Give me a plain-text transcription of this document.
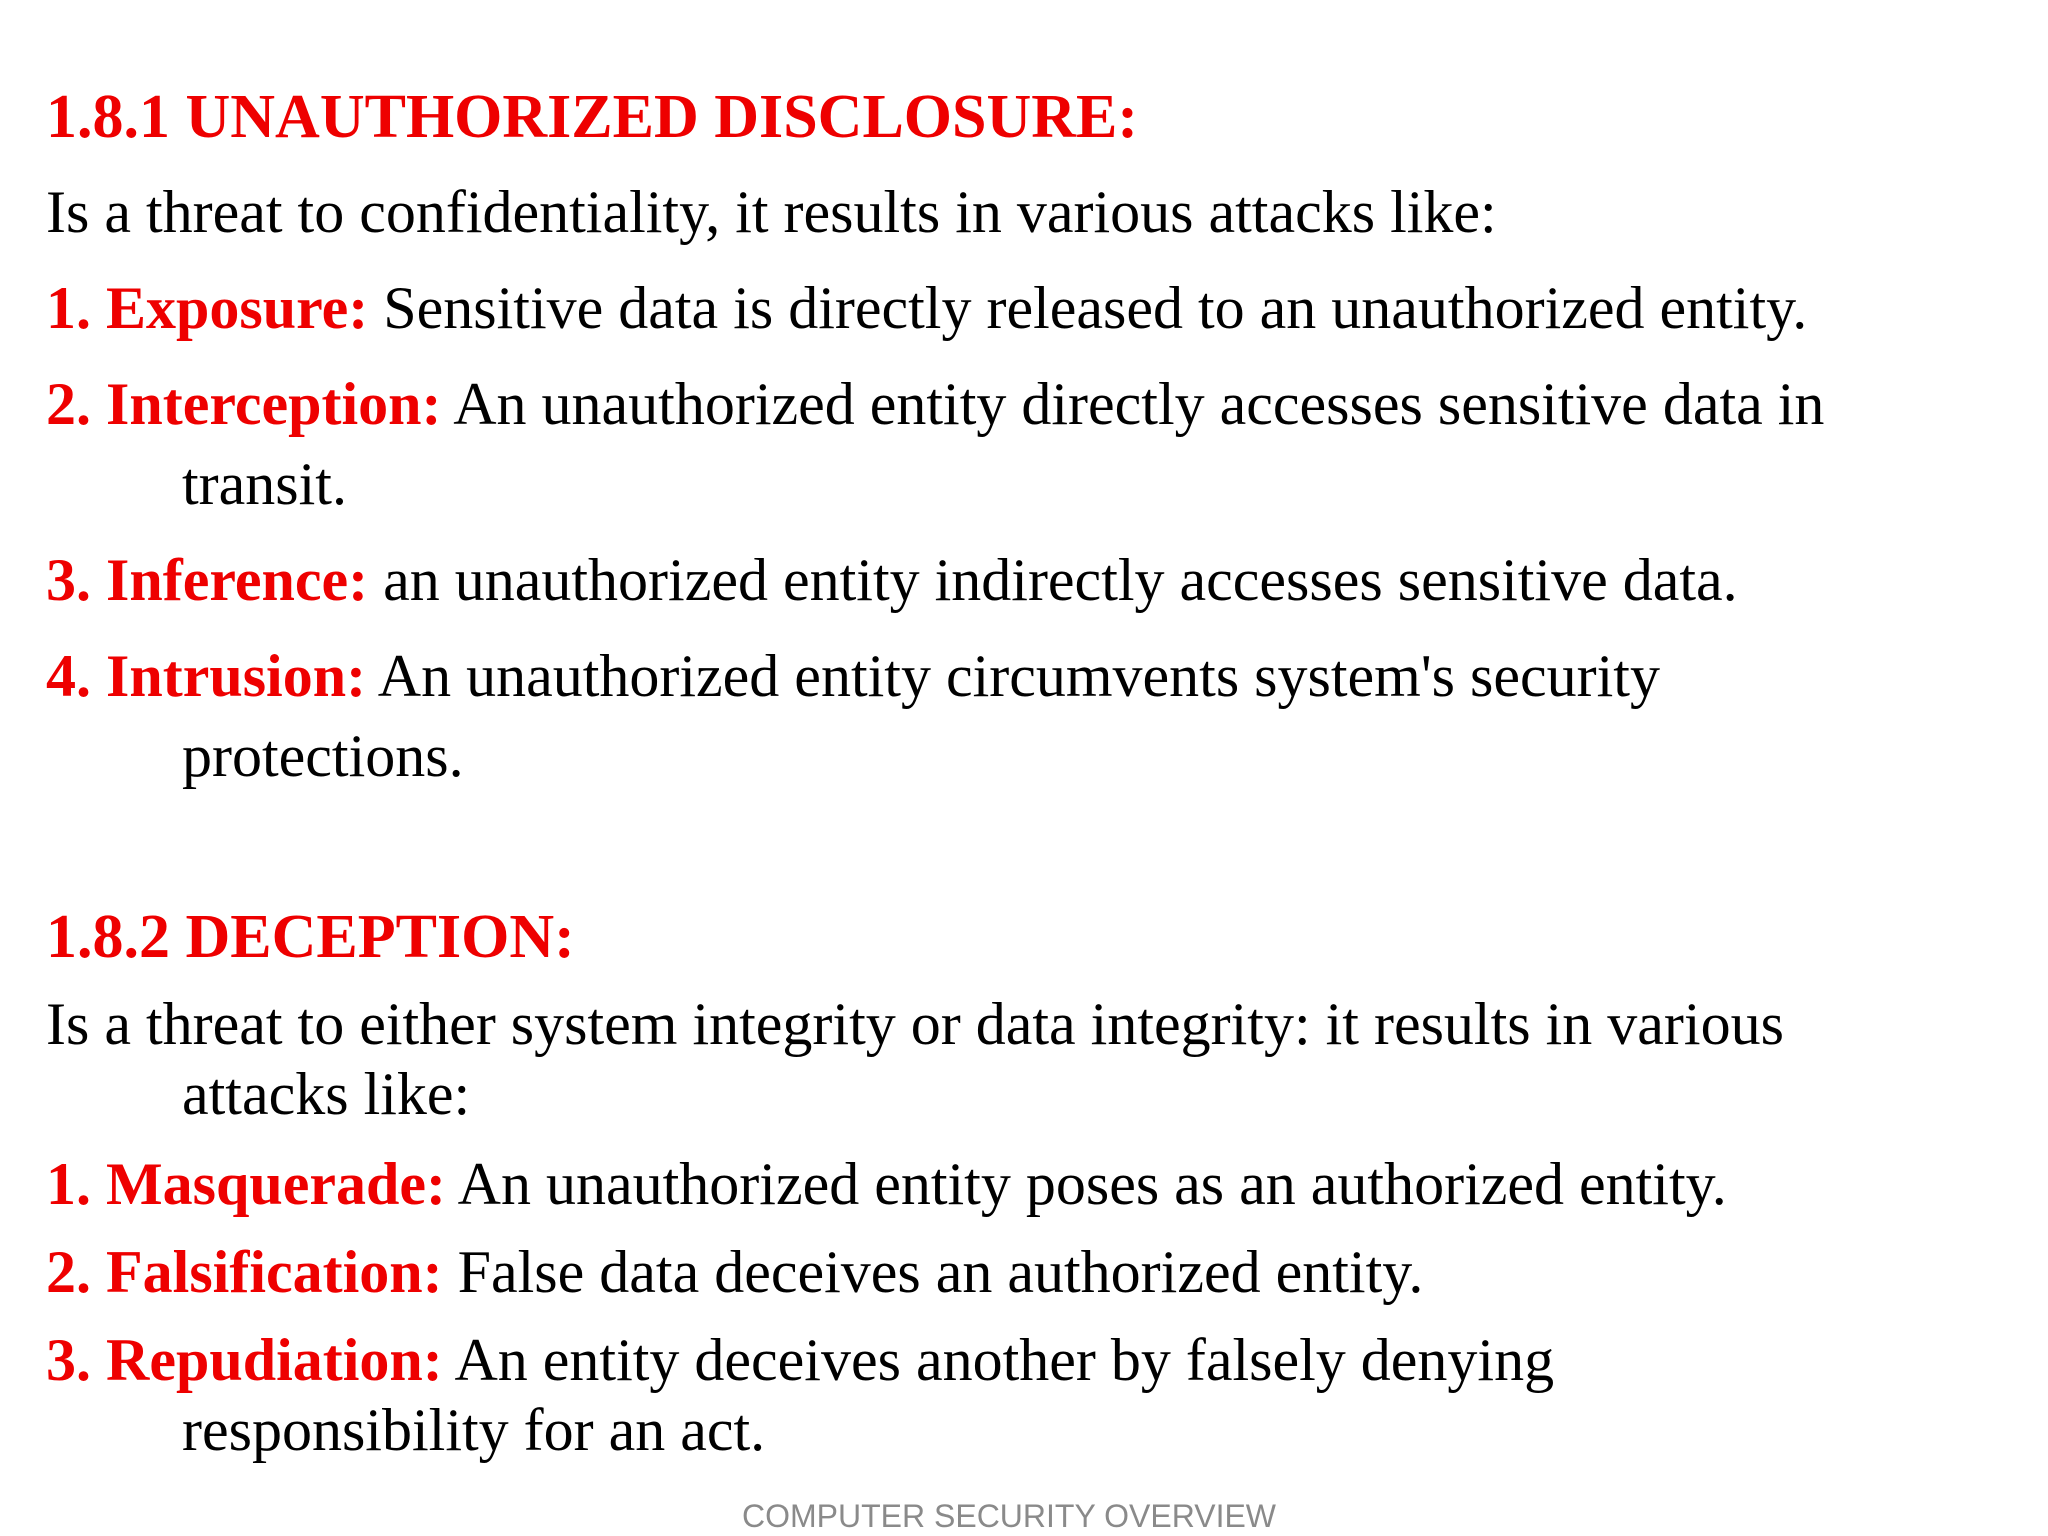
1.8.1 UNAUTHORIZED DISCLOSURE:
Is a threat to confidentiality, it results in various attacks like:
1. Exposure: Sensitive data is directly released to an unauthorized entity.
2. Interception: An unauthorized entity directly accesses sensitive data in
transit.
3. Inference: an unauthorized entity indirectly accesses sensitive data.
4. Intrusion: An unauthorized entity circumvents system's security
protections.
1.8.2 DECEPTION:
Is a threat to either system integrity or data integrity: it results in various
attacks like:
1. Masquerade: An unauthorized entity poses as an authorized entity.
2. Falsification: False data deceives an authorized entity.
3. Repudiation: An entity deceives another by falsely denying
responsibility for an act.
COMPUTER SECURITY OVERVIEW
